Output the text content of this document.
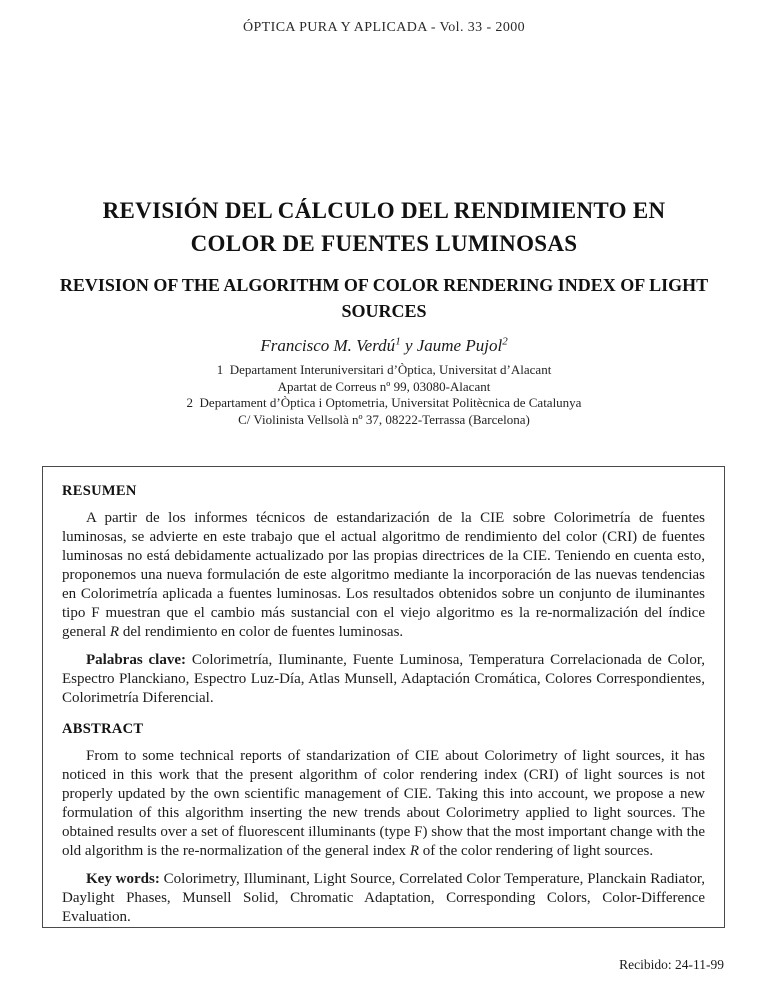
ÓPTICA PURA Y APLICADA - Vol. 33 - 2000
REVISIÓN DEL CÁLCULO DEL RENDIMIENTO EN COLOR DE FUENTES LUMINOSAS
REVISION OF THE ALGORITHM OF COLOR RENDERING INDEX OF LIGHT SOURCES
Francisco M. Verdú$^1$ y Jaume Pujol$^2$
1  Departament Interuniversitari d’Òptica, Universitat d’Alacant
Apartat de Correus nº 99, 03080-Alacant
2  Departament d’Òptica i Optometria, Universitat Politècnica de Catalunya
C/ Violinista Vellsolà nº 37, 08222-Terrassa (Barcelona)
RESUMEN

A partir de los informes técnicos de estandarización de la CIE sobre Colorimetría de fuentes luminosas, se advierte en este trabajo que el actual algoritmo de rendimiento del color (CRI) de fuentes luminosas no está debidamente actualizado por las propias directrices de la CIE. Teniendo en cuenta esto, proponemos una nueva formulación de este algoritmo mediante la incorporación de las nuevas tendencias en Colorimetría aplicada a fuentes luminosas. Los resultados obtenidos sobre un conjunto de iluminantes tipo F muestran que el cambio más sustancial con el viejo algoritmo es la re-normalización del índice general R del rendimiento en color de fuentes luminosas.

Palabras clave: Colorimetría, Iluminante, Fuente Luminosa, Temperatura Correlacionada de Color, Espectro Planckiano, Espectro Luz-Día, Atlas Munsell, Adaptación Cromática, Colores Correspondientes, Colorimetría Diferencial.

ABSTRACT

From to some technical reports of standarization of CIE about Colorimetry of light sources, it has noticed in this work that the present algorithm of color rendering index (CRI) of light sources is not properly updated by the own scientific management of CIE. Taking this into account, we propose a new formulation of this algorithm inserting the new trends about Colorimetry applied to light sources. The obtained results over a set of fluorescent illuminants (type F) show that the most important change with the old algorithm is the re-normalization of the general index R of the color rendering of light sources.

Key words: Colorimetry, Illuminant, Light Source, Correlated Color Temperature, Planckain Radiator, Daylight Phases, Munsell Solid, Chromatic Adaptation, Corresponding Colors, Color-Difference Evaluation.

Recibido: 24-11-99
